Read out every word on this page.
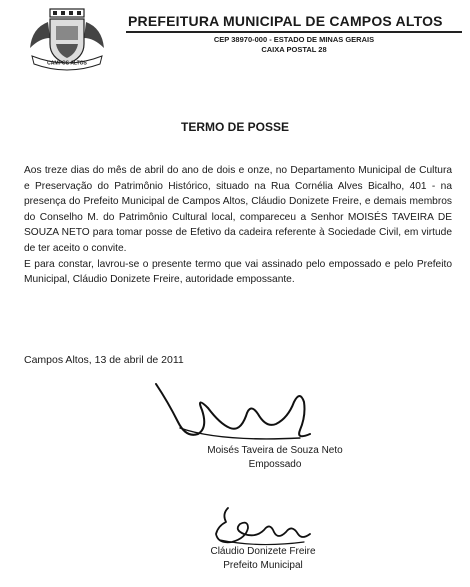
CAMPOS ALTOS
PREFEITURA MUNICIPAL DE CAMPOS ALTOS
CEP 38970-000 - ESTADO DE MINAS GERAIS
CAIXA POSTAL 28
TERMO DE POSSE

Aos treze dias do mês de abril do ano de dois e onze, no Departamento Municipal de Cultura e Preservação do Patrimônio Histórico, situado na Rua Cornélia Alves Bicalho, 401 - na presença do Prefeito Municipal de Campos Altos, Cláudio Donizete Freire, e demais membros do Conselho M. do Patrimônio Cultural local, compareceu a Senhor MOISÉS TAVEIRA DE SOUZA NETO para tomar posse de Efetivo da cadeira referente à Sociedade Civil, em virtude de ter aceito o convite.

E para constar, lavrou-se o presente termo que vai assinado pelo empossado e pelo Prefeito Municipal, Cláudio Donizete Freire, autoridade empossante.

Campos Altos, 13 de abril de 2011
Moisés Taveira de Souza Neto
Empossado
Cláudio Donizete Freire
Prefeito Municipal
